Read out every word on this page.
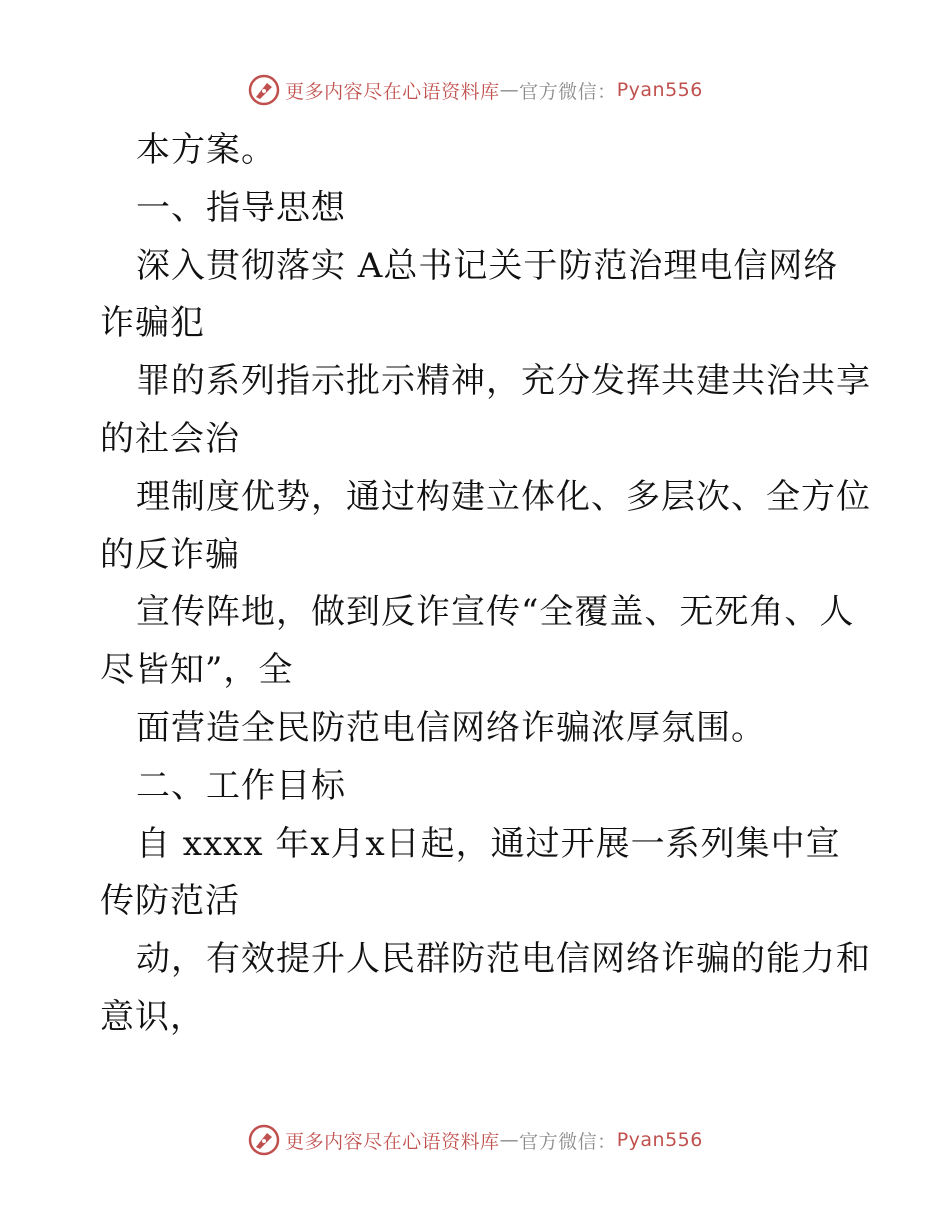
更多内容尽在心语资料库 — 官方微信： Pyan556
本方案。
一、指导思想
深入贯彻落实 A总书记关于防范治理电信网络
诈骗犯
罪的系列指示批示精神，充分发挥共建共治共享
的社会治
理制度优势，通过构建立体化、多层次、全方位
的反诈骗
宣传阵地，做到反诈宣传“全覆盖、无死角、人
尽皆知”，全
面营造全民防范电信网络诈骗浓厚氛围。
二、工作目标
自 xxxx 年x月x日起，通过开展一系列集中宣
传防范活
动，有效提升人民群防范电信网络诈骗的能力和
意识，
更多内容尽在心语资料库 — 官方微信： Pyan556
